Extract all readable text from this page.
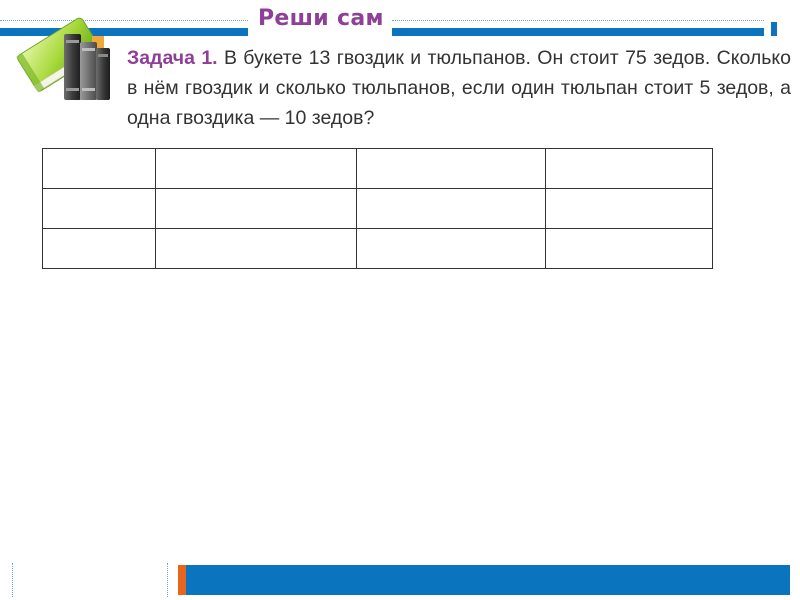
Реши сам
Задача 1. В букете 13 гвоздик и тюльпанов. Он стоит 75 зедов. Сколько в нём гвоздик и сколько тюльпанов, если один тюльпан стоит 5 зедов, а одна гвоздика — 10 зедов?
